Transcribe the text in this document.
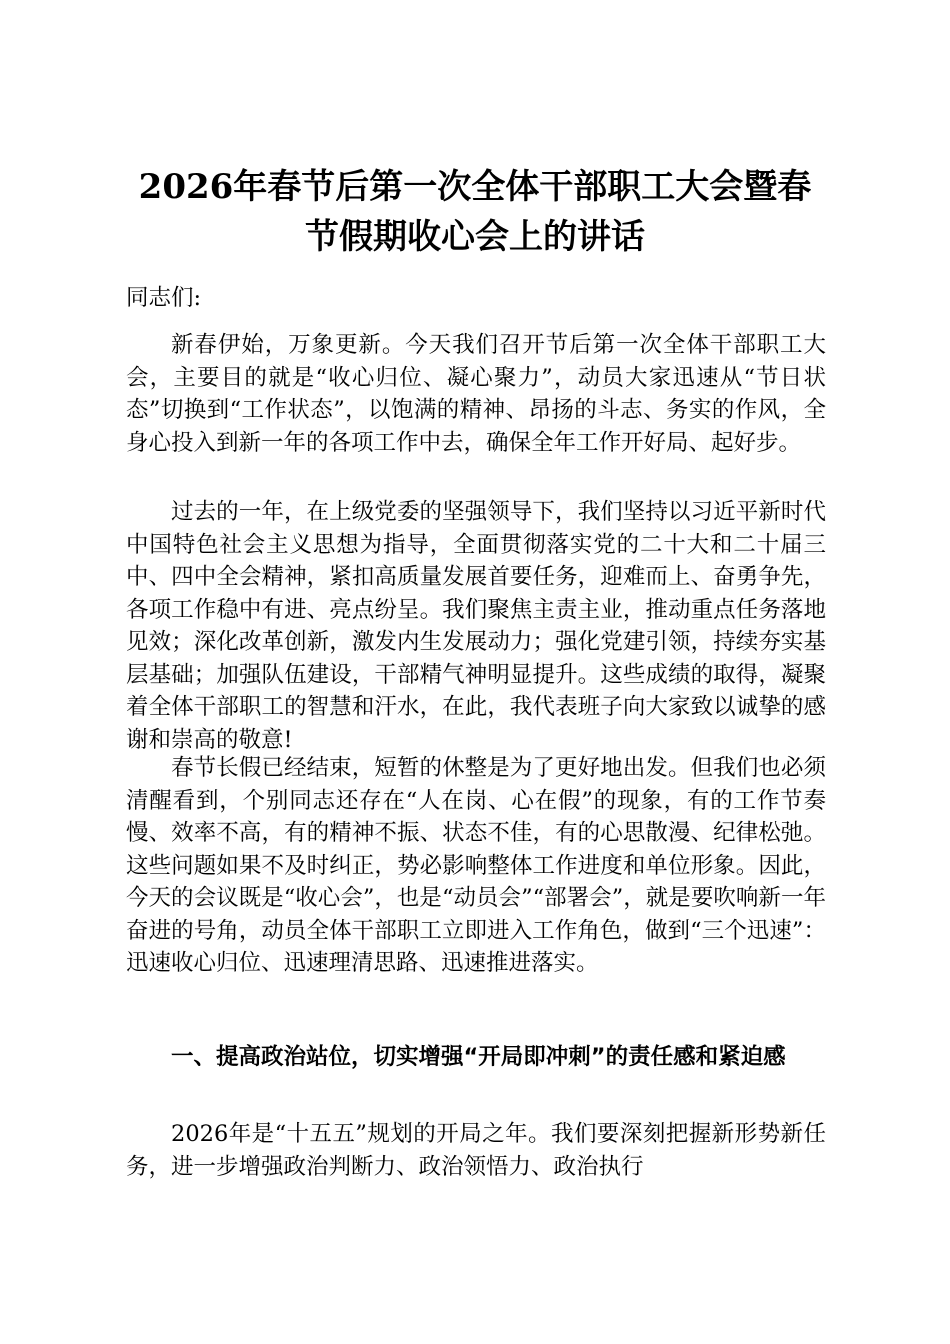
2026年春节后第一次全体干部职工大会暨春
节假期收心会上的讲话

同志们:

新春伊始，万象更新。今天我们召开节后第一次全体干部职工大会，主要目的就是“收心归位、凝心聚力”，动员大家迅速从“节日状态”切换到“工作状态”，以饱满的精神、昂扬的斗志、务实的作风，全身心投入到新一年的各项工作中去，确保全年工作开好局、起好步。

过去的一年，在上级党委的坚强领导下，我们坚持以习近平新时代中国特色社会主义思想为指导，全面贯彻落实党的二十大和二十届三中、四中全会精神，紧扣高质量发展首要任务，迎难而上、奋勇争先，各项工作稳中有进、亮点纷呈。我们聚焦主责主业，推动重点任务落地见效；深化改革创新，激发内生发展动力；强化党建引领，持续夯实基层基础；加强队伍建设，干部精气神明显提升。这些成绩的取得，凝聚着全体干部职工的智慧和汗水，在此，我代表班子向大家致以诚挚的感谢和崇高的敬意!

春节长假已经结束，短暂的休整是为了更好地出发。但我们也必须清醒看到，个别同志还存在“人在岗、心在假”的现象，有的工作节奏慢、效率不高，有的精神不振、状态不佳，有的心思散漫、纪律松弛。这些问题如果不及时纠正，势必影响整体工作进度和单位形象。因此，今天的会议既是“收心会”，也是“动员会”“部署会”，就是要吹响新一年奋进的号角，动员全体干部职工立即进入工作角色，做到“三个迅速”：迅速收心归位、迅速理清思路、迅速推进落实。

一、提高政治站位，切实增强“开局即冲刺”的责任感和紧迫感

2026年是“十五五”规划的开局之年。我们要深刻把握新形势新任务，进一步增强政治判断力、政治领悟力、政治执行
